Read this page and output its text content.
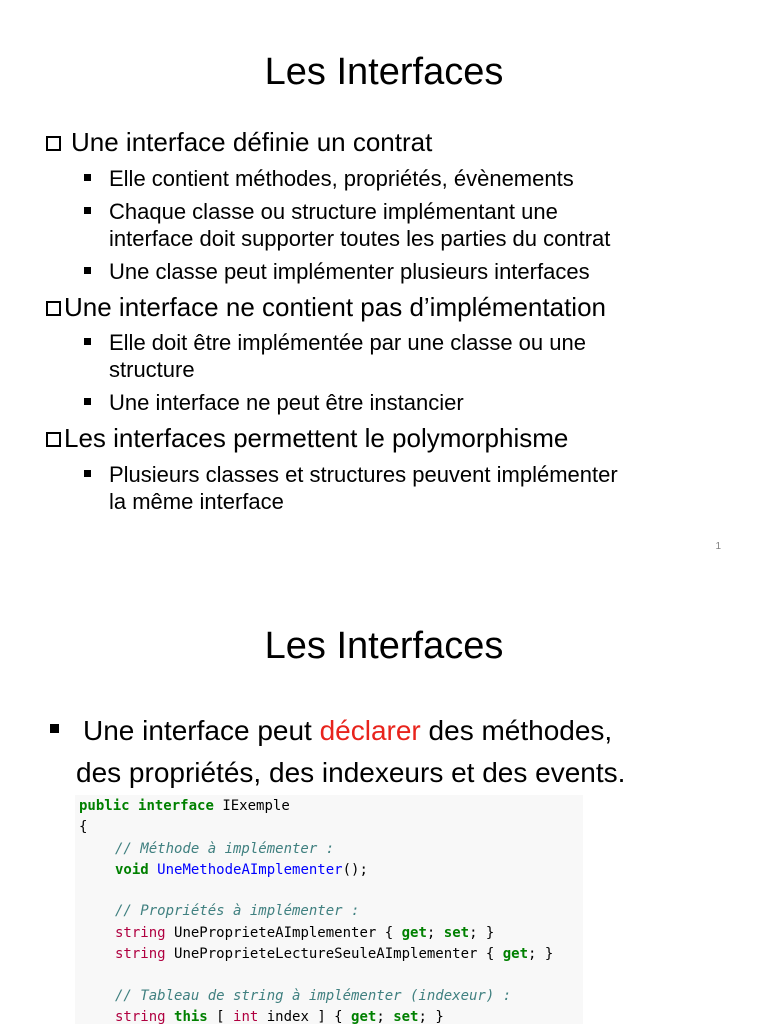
Les Interfaces
Une interface définie un contrat
Elle contient méthodes, propriétés, évènements
Chaque classe ou structure implémentant une
interface doit supporter toutes les parties du contrat
Une classe peut implémenter plusieurs interfaces
Une interface ne contient pas d’implémentation
Elle doit être implémentée par une classe ou une
structure
Une interface ne peut être instancier
Les interfaces permettent le polymorphisme
Plusieurs classes et structures peuvent implémenter
la même interface
1
Les Interfaces
Une interface peut déclarer des méthodes,
des propriétés, des indexeurs et des events.
public interface IExemple
{
// Méthode à implémenter :
void UneMethodeAImplementer();
// Propriétés à implémenter :
string UneProprieteAImplementer { get; set; }
string UneProprieteLectureSeuleAImplementer { get; }
// Tableau de string à implémenter (indexeur) :
string this [ int index ] { get; set; }
